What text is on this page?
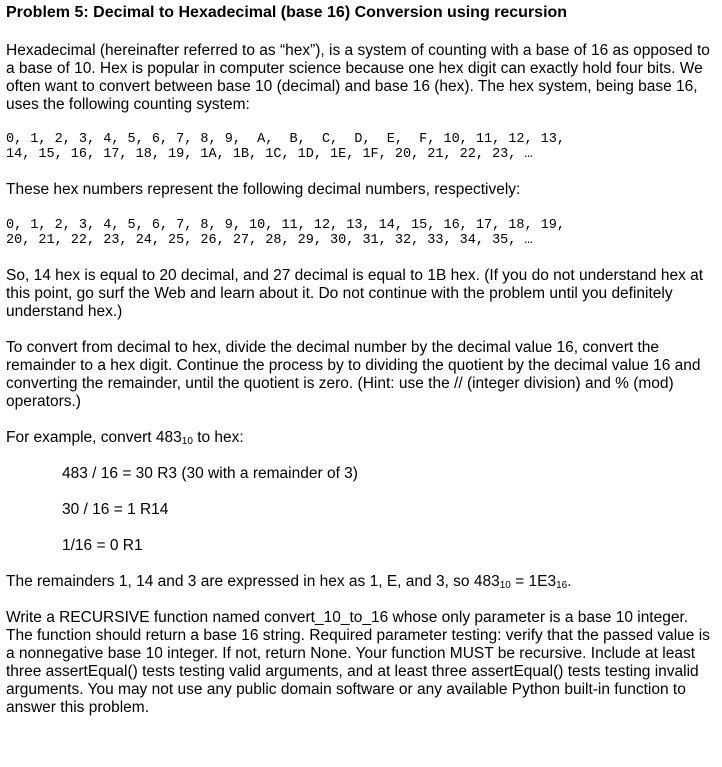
Problem 5: Decimal to Hexadecimal (base 16) Conversion using recursion

Hexadecimal (hereinafter referred to as “hex”), is a system of counting with a base of 16 as opposed to a base of 10. Hex is popular in computer science because one hex digit can exactly hold four bits. We often want to convert between base 10 (decimal) and base 16 (hex). The hex system, being base 16, uses the following counting system:

0, 1, 2, 3, 4, 5, 6, 7, 8, 9,  A,  B,  C,  D,  E,  F, 10, 11, 12, 13,
14, 15, 16, 17, 18, 19, 1A, 1B, 1C, 1D, 1E, 1F, 20, 21, 22, 23, …

These hex numbers represent the following decimal numbers, respectively:

0, 1, 2, 3, 4, 5, 6, 7, 8, 9, 10, 11, 12, 13, 14, 15, 16, 17, 18, 19,
20, 21, 22, 23, 24, 25, 26, 27, 28, 29, 30, 31, 32, 33, 34, 35, …

So, 14 hex is equal to 20 decimal, and 27 decimal is equal to 1B hex. (If you do not understand hex at this point, go surf the Web and learn about it. Do not continue with the problem until you definitely understand hex.)

To convert from decimal to hex, divide the decimal number by the decimal value 16, convert the remainder to a hex digit. Continue the process by to dividing the quotient by the decimal value 16 and converting the remainder, until the quotient is zero. (Hint: use the // (integer division) and % (mod) operators.)

For example, convert $483_{10}$ to hex:

483 / 16 = 30 R3 (30 with a remainder of 3)

30 / 16 = 1 R14

1/16 = 0 R1

The remainders 1, 14 and 3 are expressed in hex as 1, E, and 3, so $483_{10} = 1E3_{16}$.

Write a RECURSIVE function named convert_10_to_16 whose only parameter is a base 10 integer. The function should return a base 16 string. Required parameter testing: verify that the passed value is a nonnegative base 10 integer. If not, return None. Your function MUST be recursive. Include at least three assertEqual() tests testing valid arguments, and at least three assertEqual() tests testing invalid arguments. You may not use any public domain software or any available Python built-in function to answer this problem.
